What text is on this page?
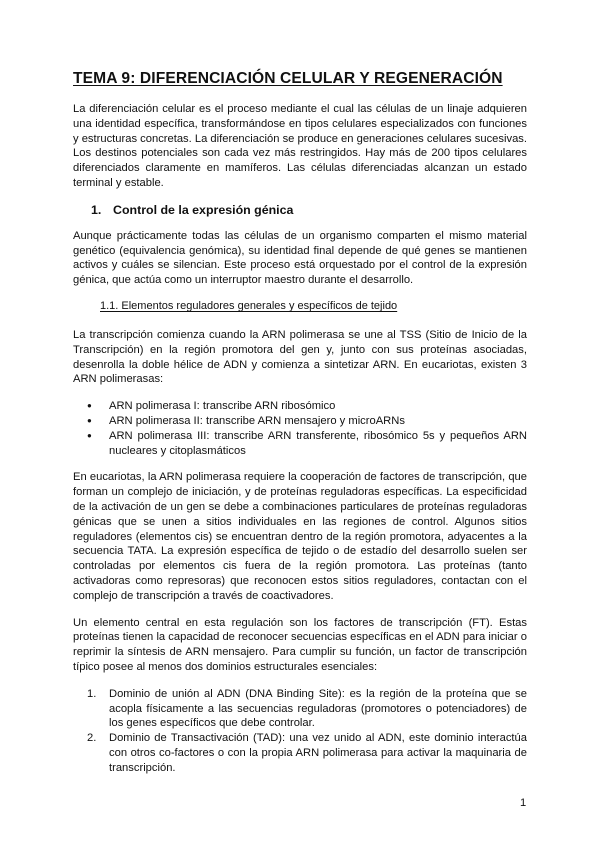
TEMA 9: DIFERENCIACIÓN CELULAR Y REGENERACIÓN

La diferenciación celular es el proceso mediante el cual las células de un linaje adquieren una identidad específica, transformándose en tipos celulares especializados con funciones y estructuras concretas. La diferenciación se produce en generaciones celulares sucesivas. Los destinos potenciales son cada vez más restringidos. Hay más de 200 tipos celulares diferenciados claramente en mamíferos. Las células diferenciadas alcanzan un estado terminal y estable.

1. Control de la expresión génica

Aunque prácticamente todas las células de un organismo comparten el mismo material genético (equivalencia genómica), su identidad final depende de qué genes se mantienen activos y cuáles se silencian. Este proceso está orquestado por el control de la expresión génica, que actúa como un interruptor maestro durante el desarrollo.

1.1. Elementos reguladores generales y específicos de tejido

La transcripción comienza cuando la ARN polimerasa se une al TSS (Sitio de Inicio de la Transcripción) en la región promotora del gen y, junto con sus proteínas asociadas, desenrolla la doble hélice de ADN y comienza a sintetizar ARN. En eucariotas, existen 3 ARN polimerasas:

● ARN polimerasa I: transcribe ARN ribosómico
● ARN polimerasa II: transcribe ARN mensajero y microARNs
● ARN polimerasa III: transcribe ARN transferente, ribosómico 5s y pequeños ARN nucleares y citoplasmáticos

En eucariotas, la ARN polimerasa requiere la cooperación de factores de transcripción, que forman un complejo de iniciación, y de proteínas reguladoras específicas. La especificidad de la activación de un gen se debe a combinaciones particulares de proteínas reguladoras génicas que se unen a sitios individuales en las regiones de control. Algunos sitios reguladores (elementos cis) se encuentran dentro de la región promotora, adyacentes a la secuencia TATA. La expresión específica de tejido o de estadío del desarrollo suelen ser controladas por elementos cis fuera de la región promotora. Las proteínas (tanto activadoras como represoras) que reconocen estos sitios reguladores, contactan con el complejo de transcripción a través de coactivadores.

Un elemento central en esta regulación son los factores de transcripción (FT). Estas proteínas tienen la capacidad de reconocer secuencias específicas en el ADN para iniciar o reprimir la síntesis de ARN mensajero. Para cumplir su función, un factor de transcripción típico posee al menos dos dominios estructurales esenciales:

1. Dominio de unión al ADN (DNA Binding Site): es la región de la proteína que se acopla físicamente a las secuencias reguladoras (promotores o potenciadores) de los genes específicos que debe controlar.
2. Dominio de Transactivación (TAD): una vez unido al ADN, este dominio interactúa con otros co-factores o con la propia ARN polimerasa para activar la maquinaria de transcripción.
1
